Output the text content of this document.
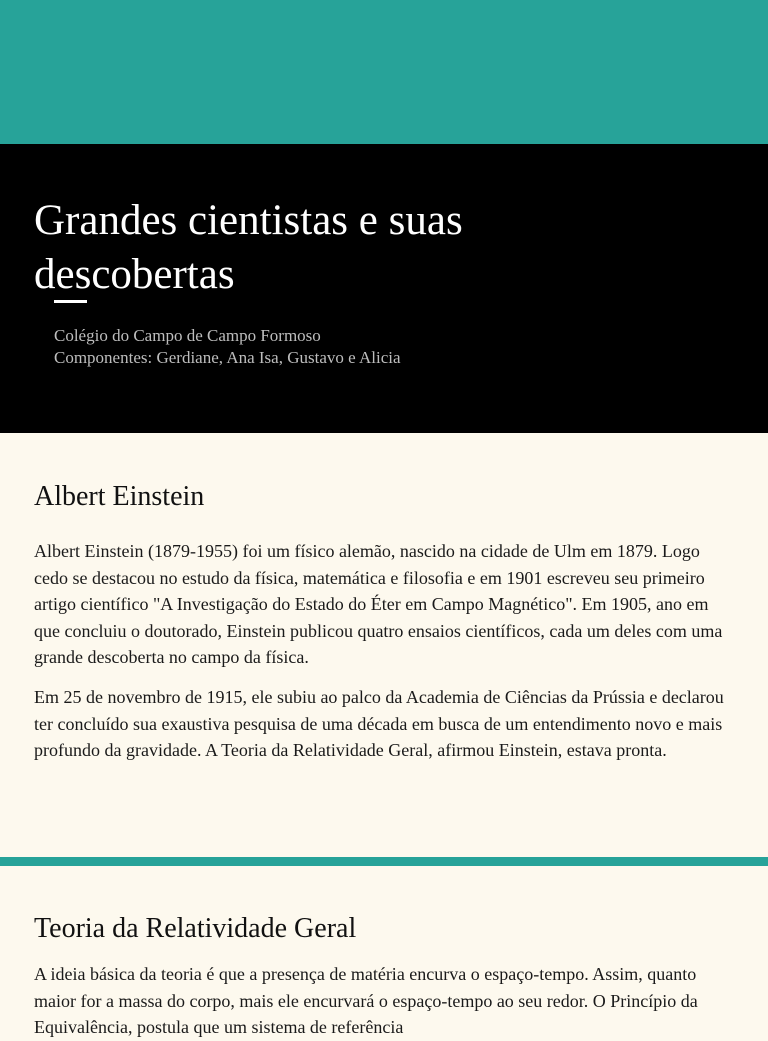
Grandes cientistas e suas descobertas
Colégio do Campo de Campo Formoso
Componentes: Gerdiane, Ana Isa, Gustavo e Alicia
Albert Einstein

Albert Einstein (1879-1955) foi um físico alemão, nascido na cidade de Ulm em 1879. Logo cedo se destacou no estudo da física, matemática e filosofia e em 1901 escreveu seu primeiro artigo científico "A Investigação do Estado do Éter em Campo Magnético". Em 1905, ano em que concluiu o doutorado, Einstein publicou quatro ensaios científicos, cada um deles com uma grande descoberta no campo da física.

Em 25 de novembro de 1915, ele subiu ao palco da Academia de Ciências da Prússia e declarou ter concluído sua exaustiva pesquisa de uma década em busca de um entendimento novo e mais profundo da gravidade. A Teoria da Relatividade Geral, afirmou Einstein, estava pronta.

Teoria da Relatividade Geral

A ideia básica da teoria é que a presença de matéria encurva o espaço-tempo. Assim, quanto maior for a massa do corpo, mais ele encurvará o espaço-tempo ao seu redor. O Princípio da Equivalência, postula que um sistema de referência
